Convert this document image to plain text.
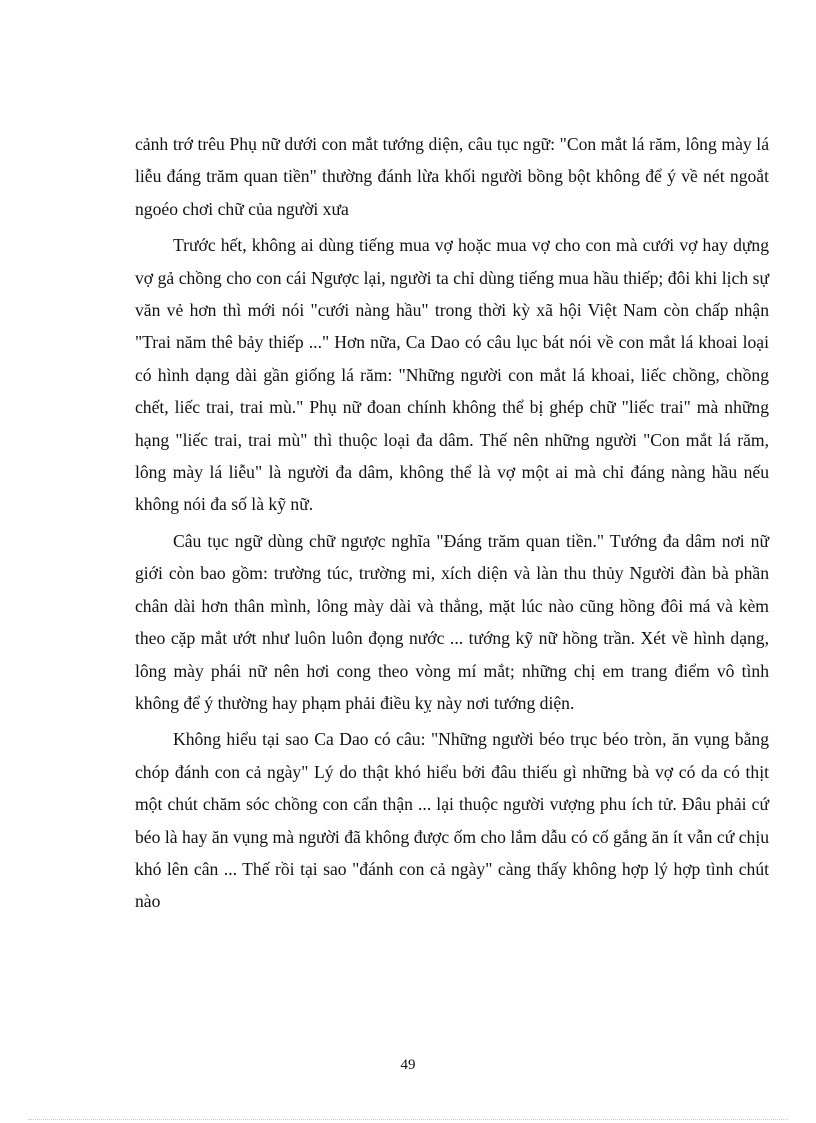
cảnh trớ trêu Phụ nữ dưới con mắt tướng diện, câu tục ngữ: "Con mắt lá răm, lông mày lá liễu đáng trăm quan tiền" thường đánh lừa khối người bồng bột không để ý về nét ngoắt ngoéo chơi chữ của người xưa

Trước hết, không ai dùng tiếng mua vợ hoặc mua vợ cho con mà cưới vợ hay dựng vợ gả chồng cho con cái Ngược lại, người ta chỉ dùng tiếng mua hầu thiếp; đôi khi lịch sự văn vẻ hơn thì mới nói "cưới nàng hầu" trong thời kỳ xã hội Việt Nam còn chấp nhận "Trai năm thê bảy thiếp ..." Hơn nữa, Ca Dao có câu lục bát nói về con mắt lá khoai loại có hình dạng dài gần giống lá răm: "Những người con mắt lá khoai, liếc chồng, chồng chết, liếc trai, trai mù." Phụ nữ đoan chính không thể bị ghép chữ "liếc trai" mà những hạng "liếc trai, trai mù" thì thuộc loại đa dâm. Thế nên những người "Con mắt lá răm, lông mày lá liễu" là người đa dâm, không thể là vợ một ai mà chỉ đáng nàng hầu nếu không nói đa số là kỹ nữ.

Câu tục ngữ dùng chữ ngược nghĩa "Đáng trăm quan tiền." Tướng đa dâm nơi nữ giới còn bao gồm: trường túc, trường mi, xích diện và làn thu thủy Người đàn bà phần chân dài hơn thân mình, lông mày dài và thẳng, mặt lúc nào cũng hồng đôi má và kèm theo cặp mắt ướt như luôn luôn đọng nước ... tướng kỹ nữ hồng trần. Xét về hình dạng, lông mày phái nữ nên hơi cong theo vòng mí mắt; những chị em trang điểm vô tình không để ý thường hay phạm phải điều kỵ này nơi tướng diện.

Không hiểu tại sao Ca Dao có câu: "Những người béo trục béo tròn, ăn vụng bằng chóp đánh con cả ngày" Lý do thật khó hiểu bởi đâu thiếu gì những bà vợ có da có thịt một chút chăm sóc chồng con cẩn thận ... lại thuộc người vượng phu ích tử. Đâu phải cứ béo là hay ăn vụng mà người đã không được ốm cho lắm dẫu có cố gắng ăn ít vẫn cứ chịu khó lên cân ... Thế rồi tại sao "đánh con cả ngày" càng thấy không hợp lý hợp tình chút nào

49
